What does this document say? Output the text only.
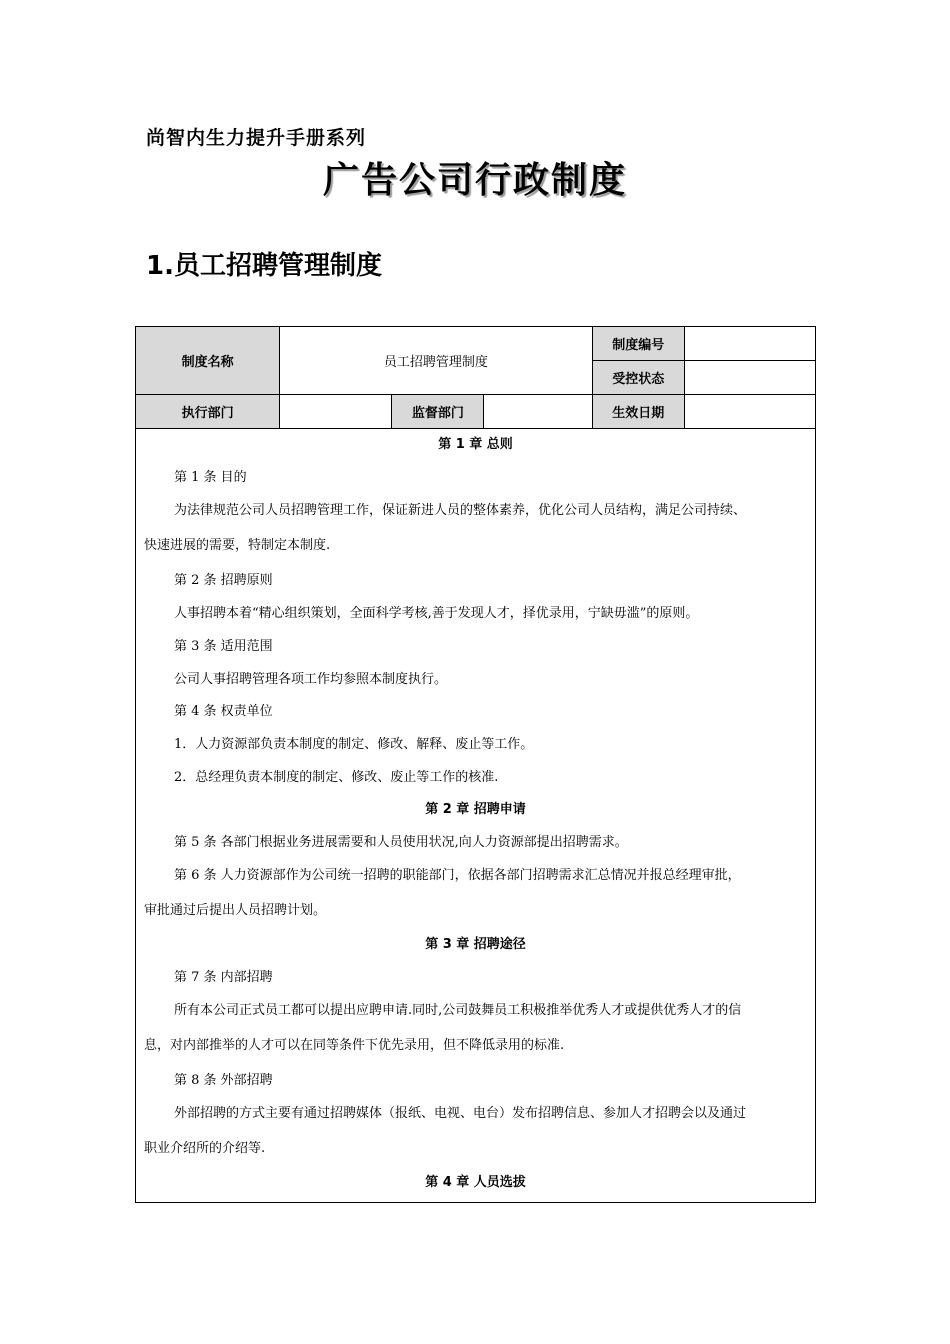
尚智内生力提升手册系列
广告公司行政制度
1.员工招聘管理制度
制度名称	员工招聘管理制度			制度编号	
				受控状态	
执行部门		监督部门		生效日期	
第 1 章 总则
第 1 条 目的
为法律规范公司人员招聘管理工作，保证新进人员的整体素养，优化公司人员结构，满足公司持续、
快速进展的需要，特制定本制度.
第 2 条 招聘原则
人事招聘本着“精心组织策划，全面科学考核,善于发现人才，择优录用，宁缺毋滥”的原则。
第 3 条 适用范围
公司人事招聘管理各项工作均参照本制度执行。
第 4 条 权责单位
1．人力资源部负责本制度的制定、修改、解释、废止等工作。
2．总经理负责本制度的制定、修改、废止等工作的核准.
第 2 章 招聘申请
第 5 条 各部门根据业务进展需要和人员使用状况,向人力资源部提出招聘需求。
第 6 条 人力资源部作为公司统一招聘的职能部门，依据各部门招聘需求汇总情况并报总经理审批，
审批通过后提出人员招聘计划。
第 3 章 招聘途径
第 7 条 内部招聘
所有本公司正式员工都可以提出应聘申请.同时,公司鼓舞员工积极推举优秀人才或提供优秀人才的信
息，对内部推举的人才可以在同等条件下优先录用，但不降低录用的标准.
第 8 条 外部招聘
外部招聘的方式主要有通过招聘媒体（报纸、电视、电台）发布招聘信息、参加人才招聘会以及通过
职业介绍所的介绍等.
第 4 章 人员选拔
